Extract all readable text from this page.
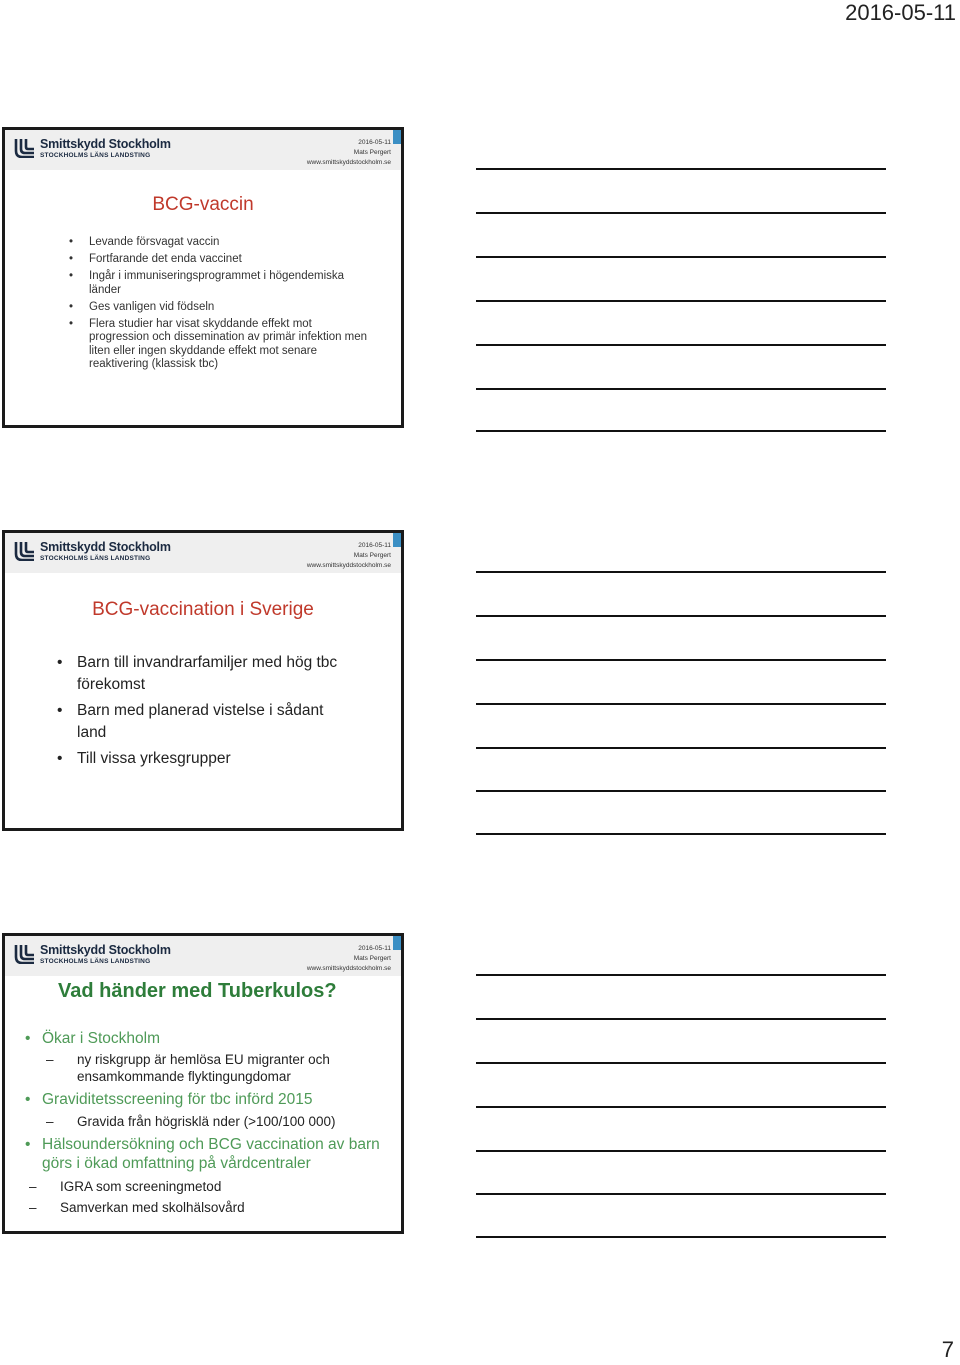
2016-05-11
Smittskydd Stockholm
STOCKHOLMS LÄNS LANDSTING
2016-05-11
Mats Pergert
www.smittskyddstockholm.se
BCG-vaccin
• Levande försvagat vaccin
• Fortfarande det enda vaccinet
• Ingår i immuniseringsprogrammet i högendemiska länder
• Ges vanligen vid födseln
• Flera studier har visat skyddande effekt mot progression och dissemination av primär infektion men liten eller ingen skyddande effekt mot senare reaktivering (klassisk tbc)
Smittskydd Stockholm
STOCKHOLMS LÄNS LANDSTING
2016-05-11
Mats Pergert
www.smittskyddstockholm.se
BCG-vaccination i Sverige
• Barn till invandrarfamiljer med hög tbc förekomst
• Barn med planerad vistelse i sådant land
• Till vissa yrkesgrupper
Smittskydd Stockholm
STOCKHOLMS LÄNS LANDSTING
2016-05-11
Mats Pergert
www.smittskyddstockholm.se
Vad händer med Tuberkulos?
• Ökar i Stockholm
– ny riskgrupp är hemlösa EU migranter och ensamkommande flyktingungdomar
• Graviditetsscreening för tbc införd 2015
– Gravida från högrisklä nder (>100/100 000)
• Hälsoundersökning och BCG vaccination av barn görs i ökad omfattning på vårdcentraler
– IGRA som screeningmetod
– Samverkan med skolhälsovård
7
